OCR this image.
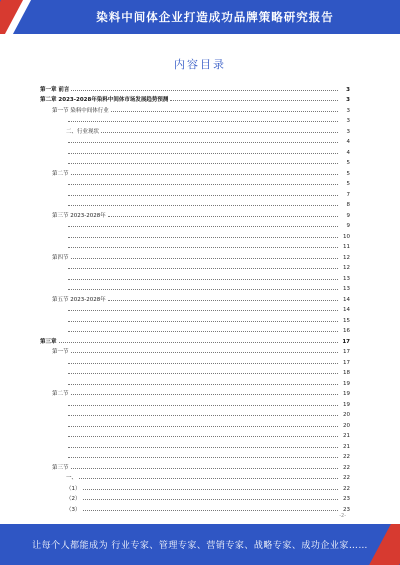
染料中间体企业打造成功品牌策略研究报告
内容目录
第一章 前言	3
第二章 2023-2028年染料中间体市场发展趋势预测	3
第一节 染料中间体行业	3
3
二、行业现状	3
4
4
5
第二节	5
5
7
8
第三节 2023-2028年	9
9
10
11
第四节	12
12
13
13
第五节 2023-2028年	14
14
15
16
第三章	17
第一节	17
17
18
19
第二节	19
19
20
20
21
21
22
第三节	22
一、	22
（1）	22
（2）	23
（3）	23
-2-
让每个人都能成为 行业专家、管理专家、营销专家、战略专家、成功企业家……
